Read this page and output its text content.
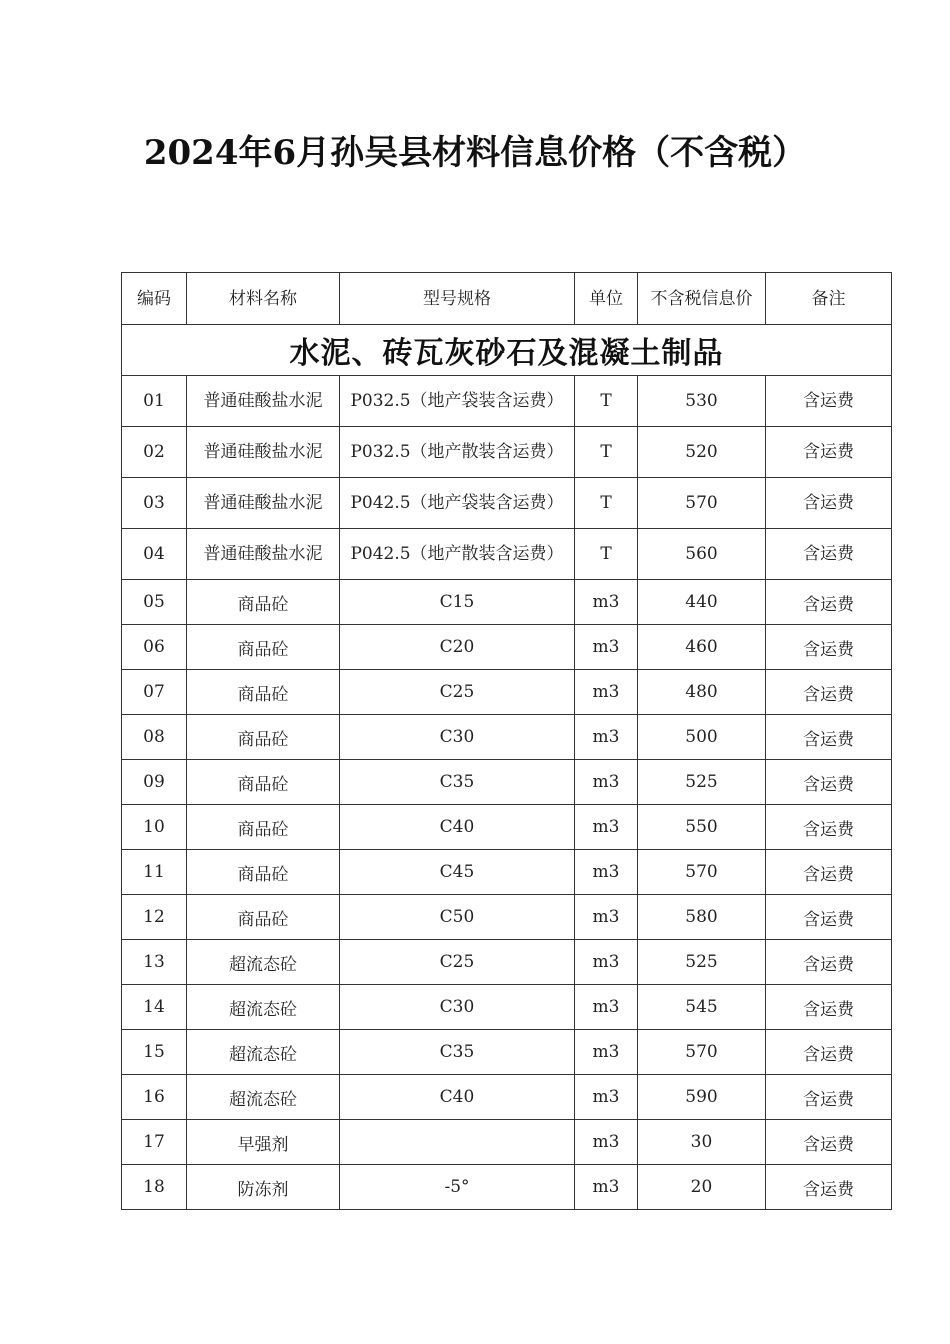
2024年6月孙吴县材料信息价格（不含税）
编码	材料名称	型号规格	单位	不含税信息价	备注
水泥、砖瓦灰砂石及混凝土制品					
01	普通硅酸盐水泥	P032.5（地产袋装含运费）	T	530	含运费
02	普通硅酸盐水泥	P032.5（地产散装含运费）	T	520	含运费
03	普通硅酸盐水泥	P042.5（地产袋装含运费）	T	570	含运费
04	普通硅酸盐水泥	P042.5（地产散装含运费）	T	560	含运费
05	商品砼	C15	m3	440	含运费
06	商品砼	C20	m3	460	含运费
07	商品砼	C25	m3	480	含运费
08	商品砼	C30	m3	500	含运费
09	商品砼	C35	m3	525	含运费
10	商品砼	C40	m3	550	含运费
11	商品砼	C45	m3	570	含运费
12	商品砼	C50	m3	580	含运费
13	超流态砼	C25	m3	525	含运费
14	超流态砼	C30	m3	545	含运费
15	超流态砼	C35	m3	570	含运费
16	超流态砼	C40	m3	590	含运费
17	早强剂		m3	30	含运费
18	防冻剂	-5°	m3	20	含运费
